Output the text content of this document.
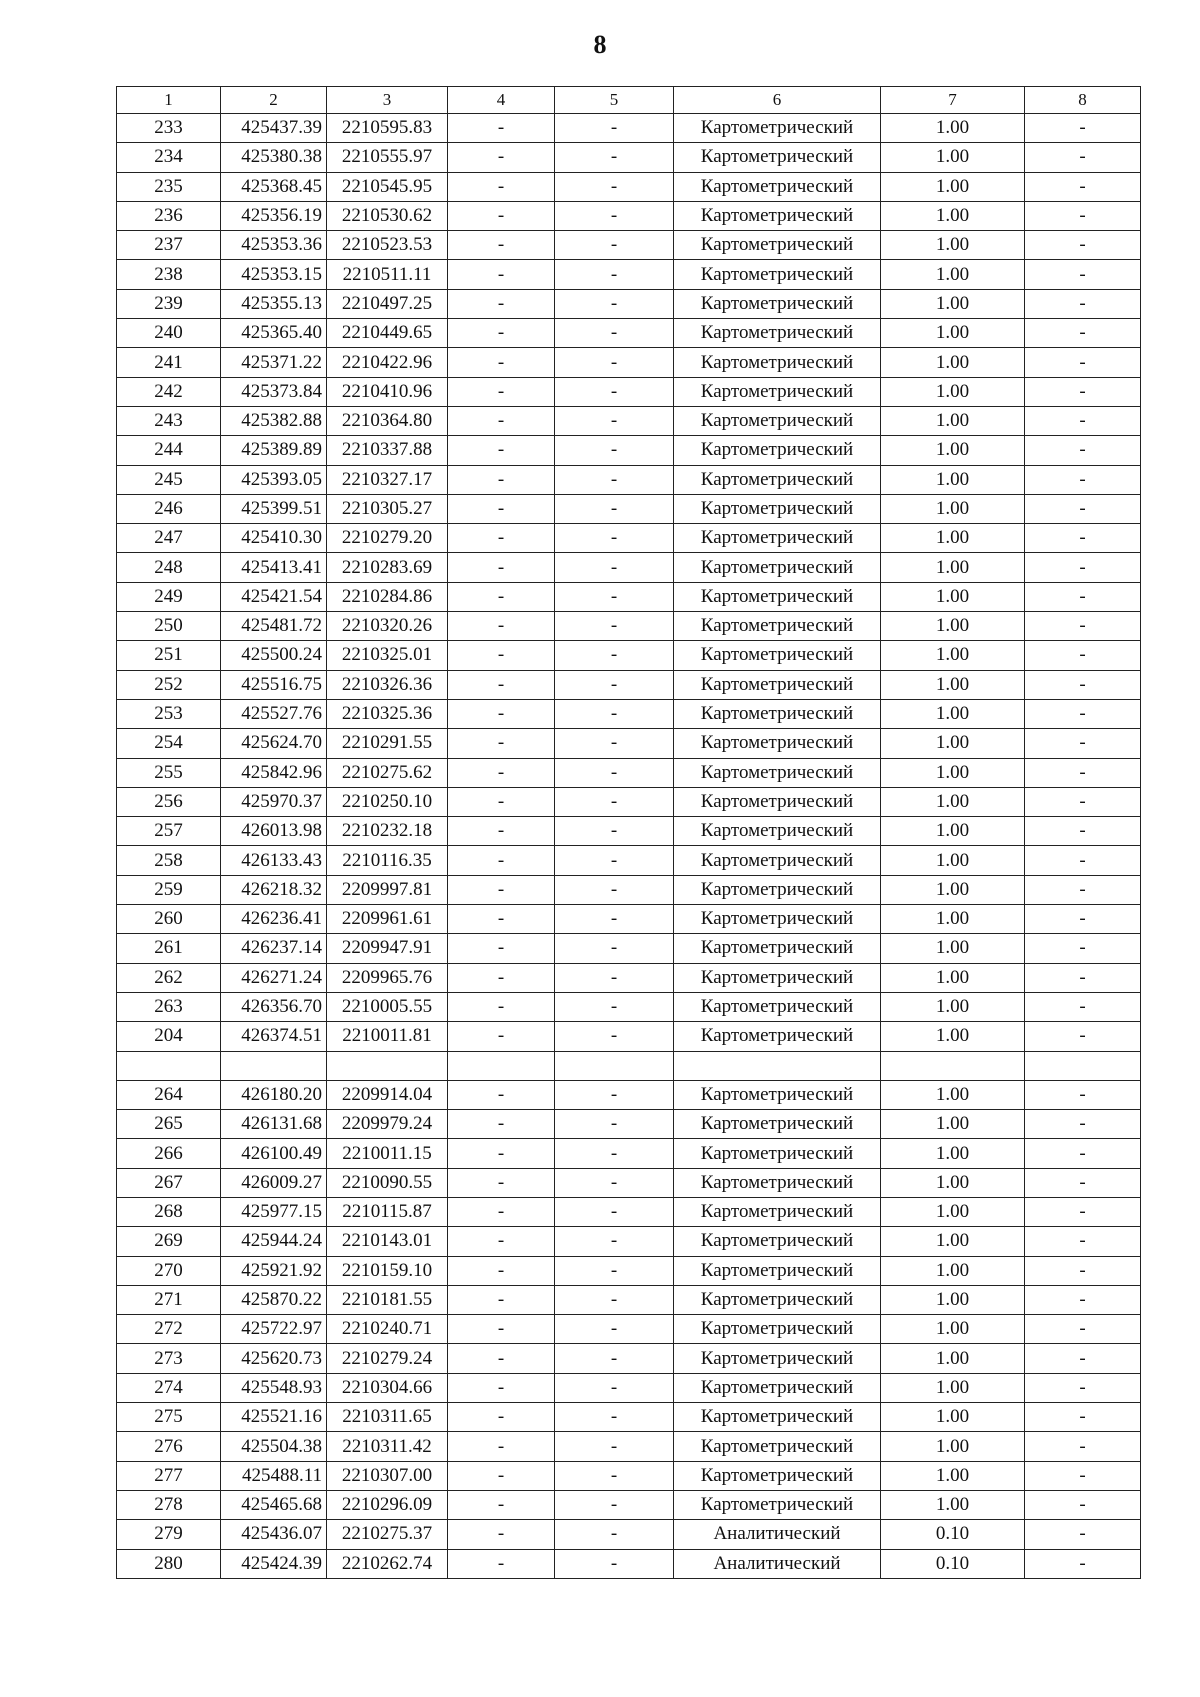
8
1	2	3	4	5	6	7	8
233	425437.39	2210595.83	-	-	Картометрический	1.00	-
234	425380.38	2210555.97	-	-	Картометрический	1.00	-
235	425368.45	2210545.95	-	-	Картометрический	1.00	-
236	425356.19	2210530.62	-	-	Картометрический	1.00	-
237	425353.36	2210523.53	-	-	Картометрический	1.00	-
238	425353.15	2210511.11	-	-	Картометрический	1.00	-
239	425355.13	2210497.25	-	-	Картометрический	1.00	-
240	425365.40	2210449.65	-	-	Картометрический	1.00	-
241	425371.22	2210422.96	-	-	Картометрический	1.00	-
242	425373.84	2210410.96	-	-	Картометрический	1.00	-
243	425382.88	2210364.80	-	-	Картометрический	1.00	-
244	425389.89	2210337.88	-	-	Картометрический	1.00	-
245	425393.05	2210327.17	-	-	Картометрический	1.00	-
246	425399.51	2210305.27	-	-	Картометрический	1.00	-
247	425410.30	2210279.20	-	-	Картометрический	1.00	-
248	425413.41	2210283.69	-	-	Картометрический	1.00	-
249	425421.54	2210284.86	-	-	Картометрический	1.00	-
250	425481.72	2210320.26	-	-	Картометрический	1.00	-
251	425500.24	2210325.01	-	-	Картометрический	1.00	-
252	425516.75	2210326.36	-	-	Картометрический	1.00	-
253	425527.76	2210325.36	-	-	Картометрический	1.00	-
254	425624.70	2210291.55	-	-	Картометрический	1.00	-
255	425842.96	2210275.62	-	-	Картометрический	1.00	-
256	425970.37	2210250.10	-	-	Картометрический	1.00	-
257	426013.98	2210232.18	-	-	Картометрический	1.00	-
258	426133.43	2210116.35	-	-	Картометрический	1.00	-
259	426218.32	2209997.81	-	-	Картометрический	1.00	-
260	426236.41	2209961.61	-	-	Картометрический	1.00	-
261	426237.14	2209947.91	-	-	Картометрический	1.00	-
262	426271.24	2209965.76	-	-	Картометрический	1.00	-
263	426356.70	2210005.55	-	-	Картометрический	1.00	-
204	426374.51	2210011.81	-	-	Картометрический	1.00	-

264	426180.20	2209914.04	-	-	Картометрический	1.00	-
265	426131.68	2209979.24	-	-	Картометрический	1.00	-
266	426100.49	2210011.15	-	-	Картометрический	1.00	-
267	426009.27	2210090.55	-	-	Картометрический	1.00	-
268	425977.15	2210115.87	-	-	Картометрический	1.00	-
269	425944.24	2210143.01	-	-	Картометрический	1.00	-
270	425921.92	2210159.10	-	-	Картометрический	1.00	-
271	425870.22	2210181.55	-	-	Картометрический	1.00	-
272	425722.97	2210240.71	-	-	Картометрический	1.00	-
273	425620.73	2210279.24	-	-	Картометрический	1.00	-
274	425548.93	2210304.66	-	-	Картометрический	1.00	-
275	425521.16	2210311.65	-	-	Картометрический	1.00	-
276	425504.38	2210311.42	-	-	Картометрический	1.00	-
277	425488.11	2210307.00	-	-	Картометрический	1.00	-
278	425465.68	2210296.09	-	-	Картометрический	1.00	-
279	425436.07	2210275.37	-	-	Аналитический	0.10	-
280	425424.39	2210262.74	-	-	Аналитический	0.10	-
